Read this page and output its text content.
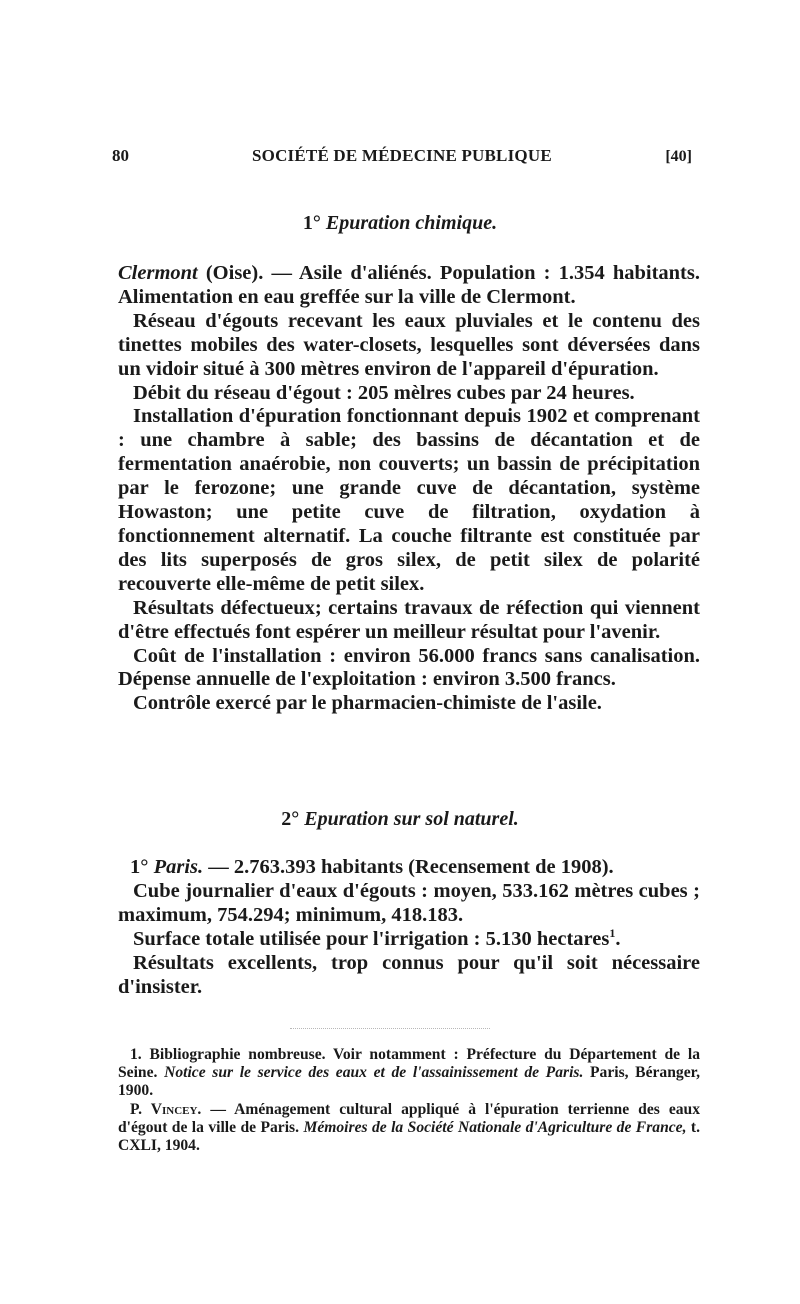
80	SOCIÉTÉ DE MÉDECINE PUBLIQUE	[40]
1° Epuration chimique.

Clermont (Oise). — Asile d'aliénés. Population : 1.354 habitants. Alimentation en eau greffée sur la ville de Clermont.

Réseau d'égouts recevant les eaux pluviales et le contenu des tinettes mobiles des water-closets, lesquelles sont déversées dans un vidoir situé à 300 mètres environ de l'appareil d'épuration.

Débit du réseau d'égout : 205 mèlres cubes par 24 heures.

Installation d'épuration fonctionnant depuis 1902 et comprenant : une chambre à sable; des bassins de décantation et de fermentation anaérobie, non couverts; un bassin de précipitation par le ferozone; une grande cuve de décantation, système Howaston; une petite cuve de filtration, oxydation à fonctionnement alternatif. La couche filtrante est constituée par des lits superposés de gros silex, de petit silex de polarité recouverte elle-même de petit silex.

Résultats défectueux; certains travaux de réfection qui viennent d'être effectués font espérer un meilleur résultat pour l'avenir.

Coût de l'installation : environ 56.000 francs sans canalisation. Dépense annuelle de l'exploitation : environ 3.500 francs.

Contrôle exercé par le pharmacien-chimiste de l'asile.

2° Epuration sur sol naturel.

1° Paris. — 2.763.393 habitants (Recensement de 1908).

Cube journalier d'eaux d'égouts : moyen, 533.162 mètres cubes ; maximum, 754.294; minimum, 418.183.

Surface totale utilisée pour l'irrigation : 5.130 hectares$^1$.

Résultats excellents, trop connus pour qu'il soit nécessaire d'insister.

1. Bibliographie nombreuse. Voir notamment : Préfecture du Département de la Seine. Notice sur le service des eaux et de l'assainissement de Paris. Paris, Béranger, 1900.

P. Vincey. — Aménagement cultural appliqué à l'épuration terrienne des eaux d'égout de la ville de Paris. Mémoires de la Société Nationale d'Agriculture de France, t. CXLI, 1904.
